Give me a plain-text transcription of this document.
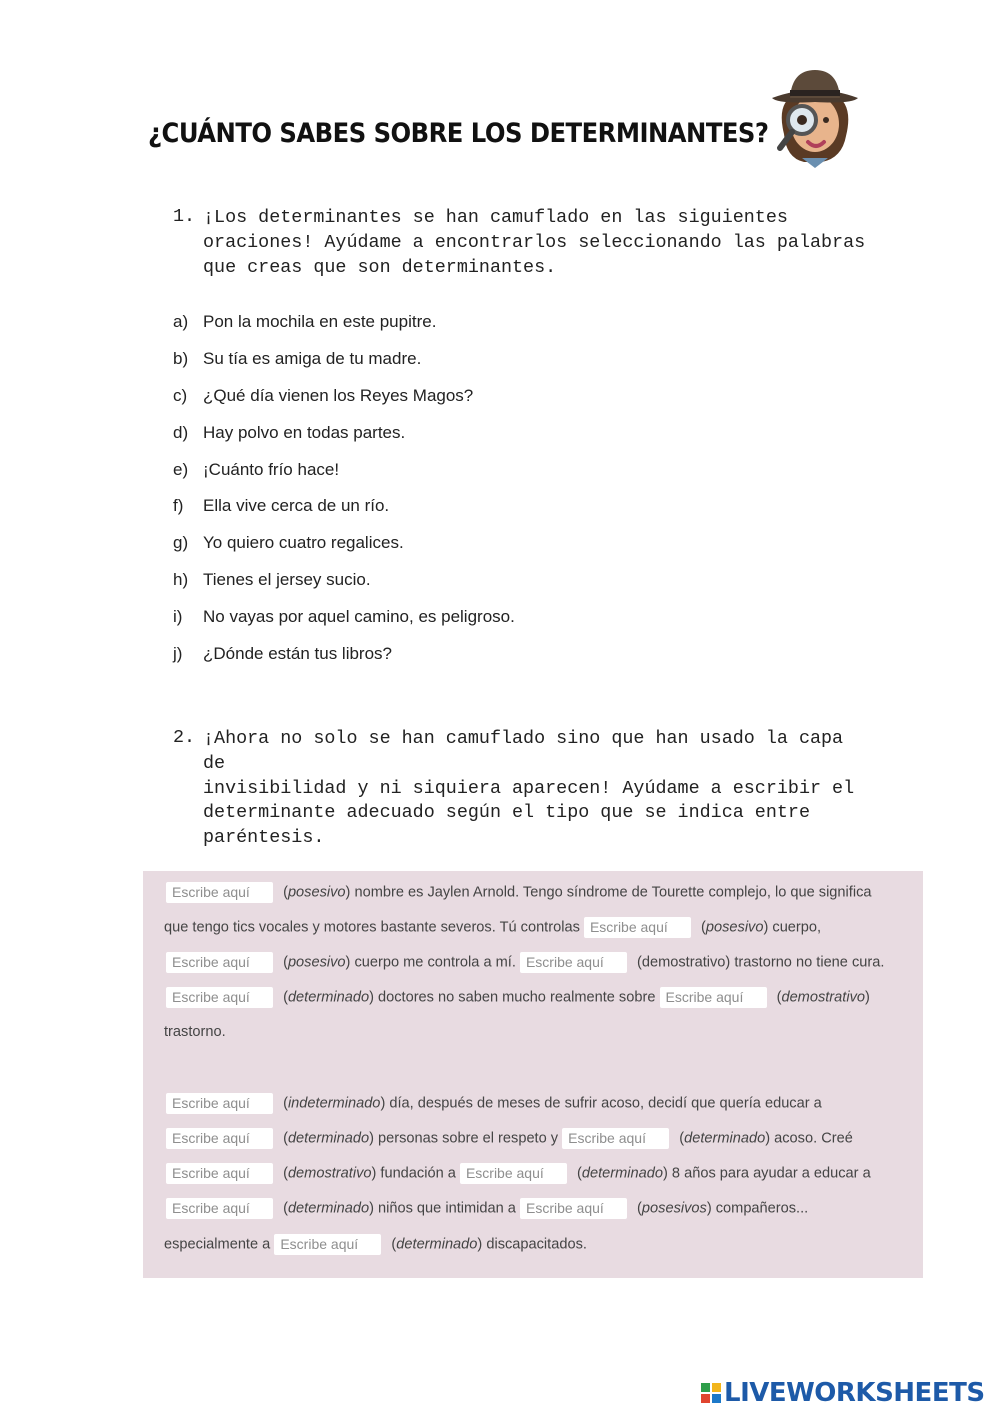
¿CUÁNTO SABES SOBRE LOS DETERMINANTES?
1. ¡Los determinantes se han camuflado en las siguientes
oraciones! Ayúdame a encontrarlos seleccionando las palabras
que creas que son determinantes.
a) Pon la mochila en este pupitre.
b) Su tía es amiga de tu madre.
c) ¿Qué día vienen los Reyes Magos?
d) Hay polvo en todas partes.
e) ¡Cuánto frío hace!
f) Ella vive cerca de un río.
g) Yo quiero cuatro regalices.
h) Tienes el jersey sucio.
i) No vayas por aquel camino, es peligroso.
j) ¿Dónde están tus libros?
2. ¡Ahora no solo se han camuflado sino que han usado la capa de
invisibilidad y ni siquiera aparecen! Ayúdame a escribir el
determinante adecuado según el tipo que se indica entre
paréntesis.
Escribe aquí (posesivo) nombre es Jaylen Arnold. Tengo síndrome de Tourette complejo, lo que significa
que tengo tics vocales y motores bastante severos. Tú controlas Escribe aquí (posesivo) cuerpo,
Escribe aquí (posesivo) cuerpo me controla a mí. Escribe aquí (demostrativo) trastorno no tiene cura.
Escribe aquí (determinado) doctores no saben mucho realmente sobre Escribe aquí (demostrativo)
trastorno.
Escribe aquí (indeterminado) día, después de meses de sufrir acoso, decidí que quería educar a
Escribe aquí (determinado) personas sobre el respeto y Escribe aquí (determinado) acoso. Creé
Escribe aquí (demostrativo) fundación a Escribe aquí (determinado) 8 años para ayudar a educar a
Escribe aquí (determinado) niños que intimidan a Escribe aquí (posesivos) compañeros...
especialmente a Escribe aquí (determinado) discapacitados.
LIVEWORKSHEETS
